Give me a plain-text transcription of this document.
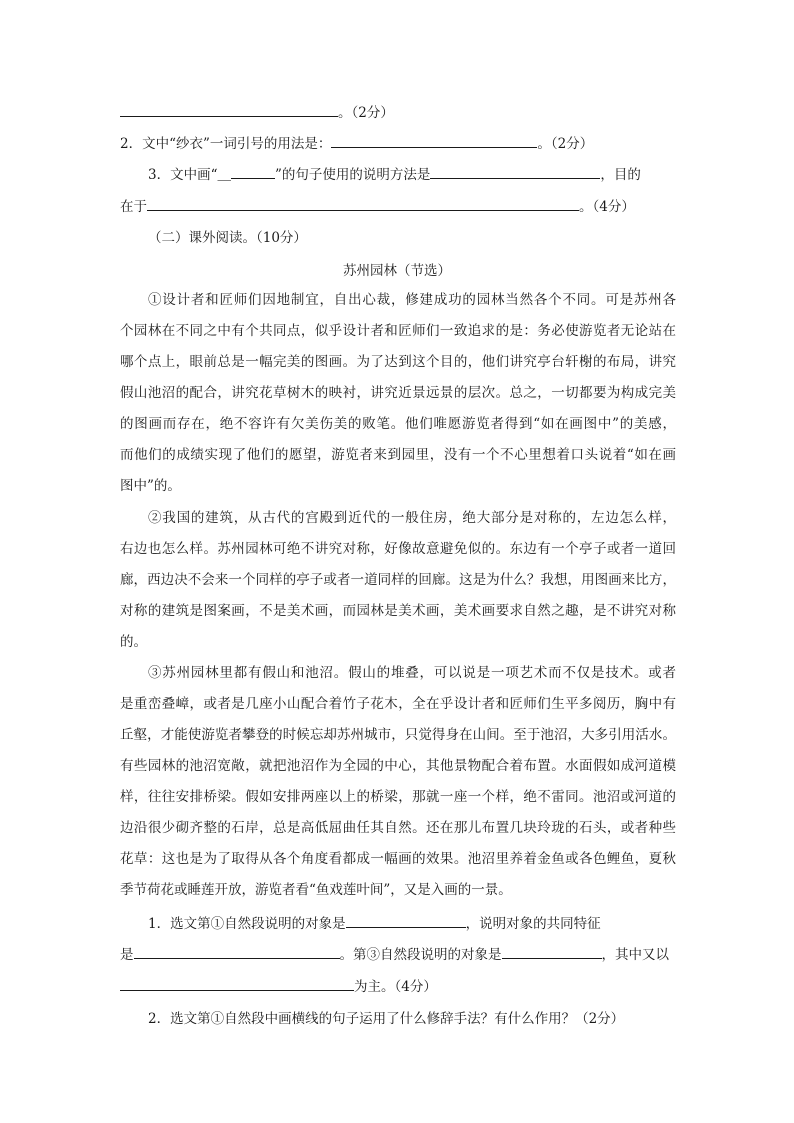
。（2分）
2．文中“纱衣”一词引号的用法是：	。（2分）
3．文中画“＿	”的句子使用的说明方法是	，目的
在于	。（4分）
（二）课外阅读。（10分）
苏州园林（节选）
①设计者和匠师们因地制宜，自出心裁，修建成功的园林当然各个不同。可是苏州各
个园林在不同之中有个共同点，似乎设计者和匠师们一致追求的是：务必使游览者无论站在
哪个点上，眼前总是一幅完美的图画。为了达到这个目的，他们讲究亭台轩榭的布局，讲究
假山池沼的配合，讲究花草树木的映衬，讲究近景远景的层次。总之，一切都要为构成完美
的图画而存在，绝不容许有欠美伤美的败笔。他们唯愿游览者得到“如在画图中”的美感，
而他们的成绩实现了他们的愿望，游览者来到园里，没有一个不心里想着口头说着“如在画
图中”的。
②我国的建筑，从古代的宫殿到近代的一般住房，绝大部分是对称的，左边怎么样，
右边也怎么样。苏州园林可绝不讲究对称，好像故意避免似的。东边有一个亭子或者一道回
廊，西边决不会来一个同样的亭子或者一道同样的回廊。这是为什么？我想，用图画来比方，
对称的建筑是图案画，不是美术画，而园林是美术画，美术画要求自然之趣，是不讲究对称
的。
③苏州园林里都有假山和池沼。假山的堆叠，可以说是一项艺术而不仅是技术。或者
是重峦叠嶂，或者是几座小山配合着竹子花木，全在乎设计者和匠师们生平多阅历，胸中有
丘壑，才能使游览者攀登的时候忘却苏州城市，只觉得身在山间。至于池沼，大多引用活水。
有些园林的池沼宽敞，就把池沼作为全园的中心，其他景物配合着布置。水面假如成河道模
样，往往安排桥梁。假如安排两座以上的桥梁，那就一座一个样，绝不雷同。池沼或河道的
边沿很少砌齐整的石岸，总是高低屈曲任其自然。还在那儿布置几块玲珑的石头，或者种些
花草：这也是为了取得从各个角度看都成一幅画的效果。池沼里养着金鱼或各色鲤鱼，夏秋
季节荷花或睡莲开放，游览者看“鱼戏莲叶间”，又是入画的一景。
1．选文第①自然段说明的对象是	，说明对象的共同特征
是	。第③自然段说明的对象是	，其中又以
为主。（4分）
2．选文第①自然段中画横线的句子运用了什么修辞手法？有什么作用？（2分）
